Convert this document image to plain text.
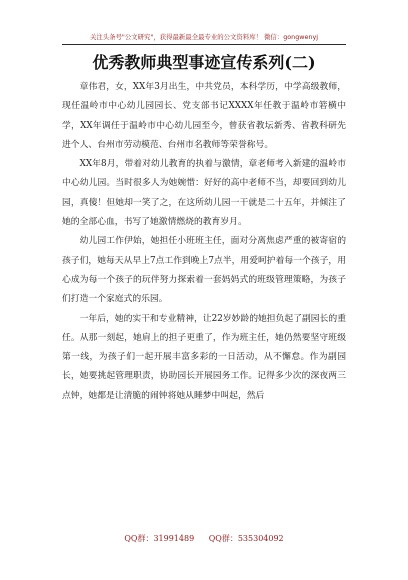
关注头条号"公文研究"，获得最新最全最专业的公文资料库！ 微信：gongwenyj
优秀教师典型事迹宣传系列(二)

章伟君，女，XX年3月出生，中共党员，本科学历，中学高级教师，现任温岭市中心幼儿园园长、党支部书记XXXX年任教于温岭市箬横中学，XX年调任于温岭市中心幼儿园至今，曾获省教坛新秀、省教科研先进个人、台州市劳动模范、台州市名教师等荣誉称号。

XX年8月，带着对幼儿教育的执着与激情，章老师考入新建的温岭市中心幼儿园。当时很多人为她婉惜：好好的高中老师不当，却要回到幼儿园，真傻！但她却一笑了之，在这所幼儿园一干就是二十五年，并倾注了她的全部心血，书写了她激情燃烧的教育岁月。

幼儿园工作伊始，她担任小班班主任，面对分离焦虑严重的被寄宿的孩子们，她每天从早上7点工作到晚上7点半，用爱呵护着每一个孩子，用心成为每一个孩子的玩伴努力探索着一套妈妈式的班级管理策略，为孩子们打造一个家庭式的乐园。

一年后，她的实干和专业精神，让22岁妙龄的她担负起了副园长的重任。从那一刻起，她肩上的担子更重了，作为班主任，她仍然要坚守班级第一线，为孩子们一起开展丰富多彩的一日活动，从不懈怠。作为副园长，她要挑起管理职责，协助园长开展园务工作。记得多少次的深夜两三点钟，她都是让清脆的闹钟将她从睡梦中叫起，然后

QQ群：31991489 QQ群：535304092
